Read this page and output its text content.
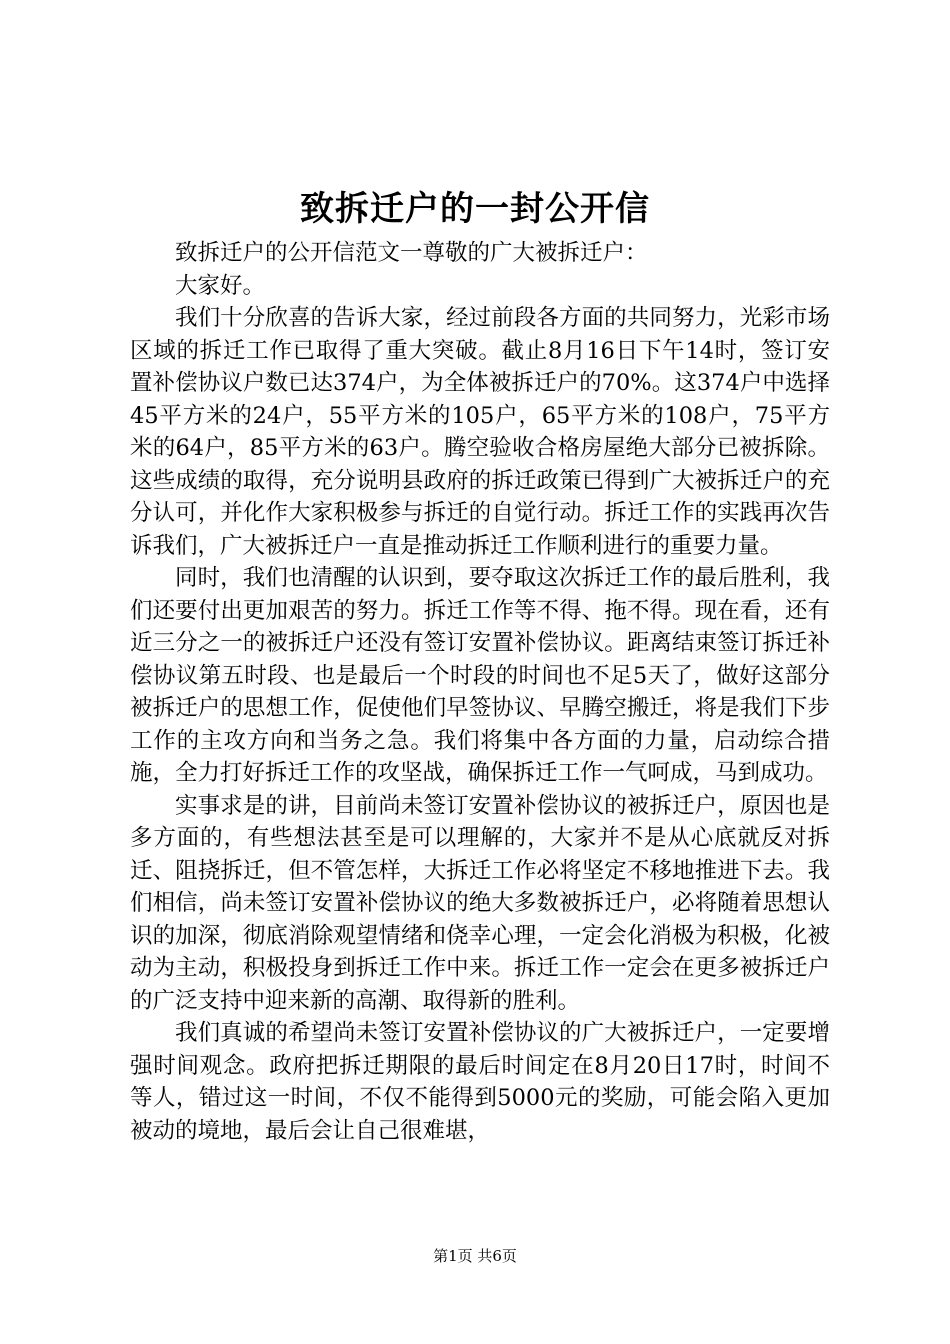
致拆迁户的一封公开信

致拆迁户的公开信范文一尊敬的广大被拆迁户：

大家好。

我们十分欣喜的告诉大家，经过前段各方面的共同努力，光彩市场区域的拆迁工作已取得了重大突破。截止8月16日下午14时，签订安置补偿协议户数已达374户，为全体被拆迁户的70%。这374户中选择45平方米的24户，55平方米的105户，65平方米的108户，75平方米的64户，85平方米的63户。腾空验收合格房屋绝大部分已被拆除。这些成绩的取得，充分说明县政府的拆迁政策已得到广大被拆迁户的充分认可，并化作大家积极参与拆迁的自觉行动。拆迁工作的实践再次告诉我们，广大被拆迁户一直是推动拆迁工作顺利进行的重要力量。

同时，我们也清醒的认识到，要夺取这次拆迁工作的最后胜利，我们还要付出更加艰苦的努力。拆迁工作等不得、拖不得。现在看，还有近三分之一的被拆迁户还没有签订安置补偿协议。距离结束签订拆迁补偿协议第五时段、也是最后一个时段的时间也不足5天了，做好这部分被拆迁户的思想工作，促使他们早签协议、早腾空搬迁，将是我们下步工作的主攻方向和当务之急。我们将集中各方面的力量，启动综合措施，全力打好拆迁工作的攻坚战，确保拆迁工作一气呵成，马到成功。

实事求是的讲，目前尚未签订安置补偿协议的被拆迁户，原因也是多方面的，有些想法甚至是可以理解的，大家并不是从心底就反对拆迁、阻挠拆迁，但不管怎样，大拆迁工作必将坚定不移地推进下去。我们相信，尚未签订安置补偿协议的绝大多数被拆迁户，必将随着思想认识的加深，彻底消除观望情绪和侥幸心理，一定会化消极为积极，化被动为主动，积极投身到拆迁工作中来。拆迁工作一定会在更多被拆迁户的广泛支持中迎来新的高潮、取得新的胜利。

我们真诚的希望尚未签订安置补偿协议的广大被拆迁户，一定要增强时间观念。政府把拆迁期限的最后时间定在8月20日17时，时间不等人，错过这一时间，不仅不能得到5000元的奖励，可能会陷入更加被动的境地，最后会让自己很难堪，

第1页 共6页
